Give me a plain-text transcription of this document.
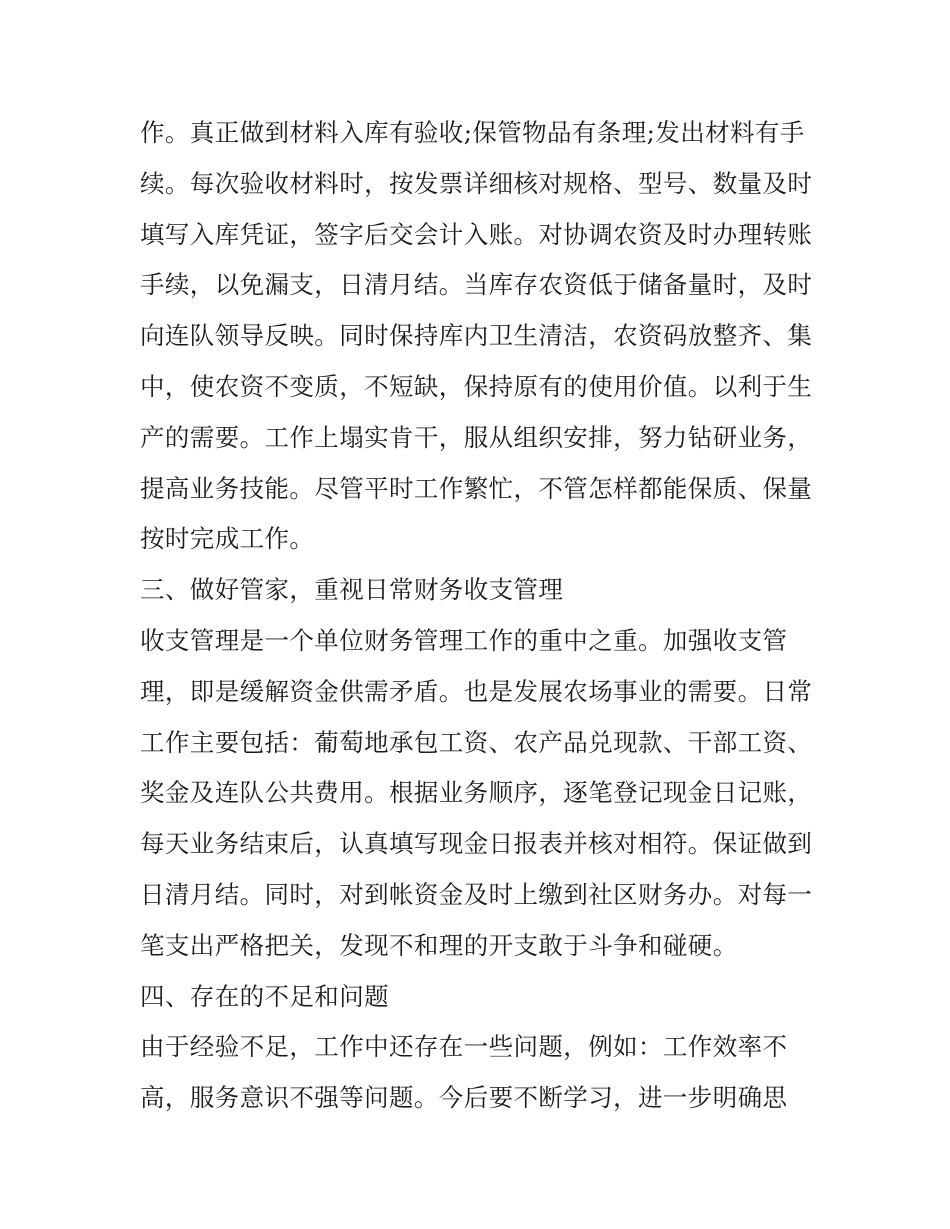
作。真正做到材料入库有验收;保管物品有条理;发出材料有手
续。每次验收材料时，按发票详细核对规格、型号、数量及时
填写入库凭证，签字后交会计入账。对协调农资及时办理转账
手续，以免漏支，日清月结。当库存农资低于储备量时，及时
向连队领导反映。同时保持库内卫生清洁，农资码放整齐、集
中，使农资不变质，不短缺，保持原有的使用价值。以利于生
产的需要。工作上塌实肯干，服从组织安排，努力钻研业务，
提高业务技能。尽管平时工作繁忙，不管怎样都能保质、保量
按时完成工作。
三、做好管家，重视日常财务收支管理
收支管理是一个单位财务管理工作的重中之重。加强收支管
理，即是缓解资金供需矛盾。也是发展农场事业的需要。日常
工作主要包括：葡萄地承包工资、农产品兑现款、干部工资、
奖金及连队公共费用。根据业务顺序，逐笔登记现金日记账，
每天业务结束后，认真填写现金日报表并核对相符。保证做到
日清月结。同时，对到帐资金及时上缴到社区财务办。对每一
笔支出严格把关，发现不和理的开支敢于斗争和碰硬。
四、存在的不足和问题
由于经验不足，工作中还存在一些问题，例如：工作效率不
高，服务意识不强等问题。今后要不断学习，进一步明确思
